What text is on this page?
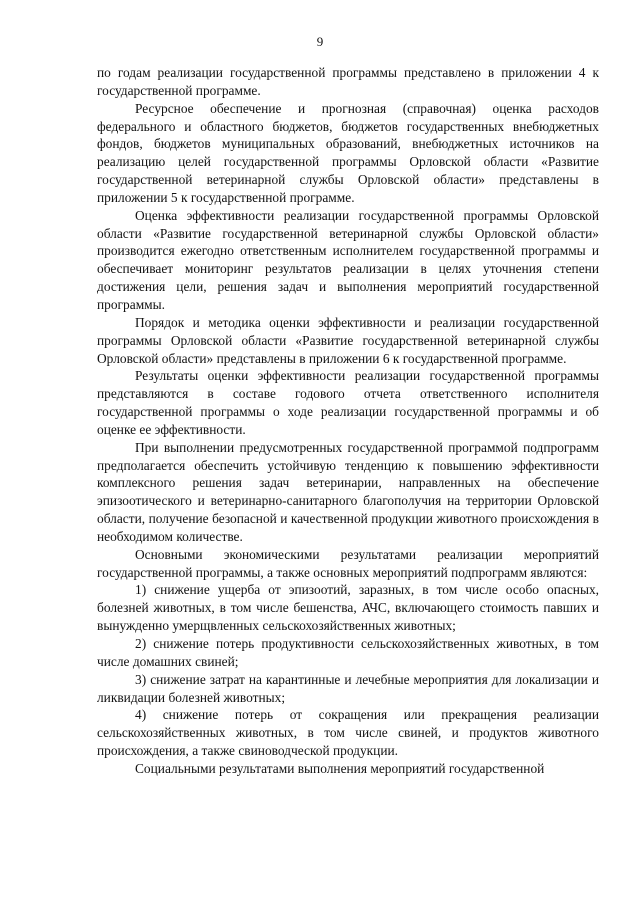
9

по годам реализации государственной программы представлено в приложении 4 к государственной программе.

Ресурсное обеспечение и прогнозная (справочная) оценка расходов федерального и областного бюджетов, бюджетов государственных внебюджетных фондов, бюджетов муниципальных образований, внебюджетных источников на реализацию целей государственной программы Орловской области «Развитие государственной ветеринарной службы Орловской области» представлены в приложении 5 к государственной программе.

Оценка эффективности реализации государственной программы Орловской области «Развитие государственной ветеринарной службы Орловской области» производится ежегодно ответственным исполнителем государственной программы и обеспечивает мониторинг результатов реализации в целях уточнения степени достижения цели, решения задач и выполнения мероприятий государственной программы.

Порядок и методика оценки эффективности и реализации государственной программы Орловской области «Развитие государственной ветеринарной службы Орловской области» представлены в приложении 6 к государственной программе.

Результаты оценки эффективности реализации государственной программы представляются в составе годового отчета ответственного исполнителя государственной программы о ходе реализации государственной программы и об оценке ее эффективности.

При выполнении предусмотренных государственной программой подпрограмм предполагается обеспечить устойчивую тенденцию к повышению эффективности комплексного решения задач ветеринарии, направленных на обеспечение эпизоотического и ветеринарно-санитарного благополучия на территории Орловской области, получение безопасной и качественной продукции животного происхождения в необходимом количестве.

Основными экономическими результатами реализации мероприятий государственной программы, а также основных мероприятий подпрограмм являются:

1) снижение ущерба от эпизоотий, заразных, в том числе особо опасных, болезней животных, в том числе бешенства, АЧС, включающего стоимость павших и вынужденно умерщвленных сельскохозяйственных животных;

2) снижение потерь продуктивности сельскохозяйственных животных, в том числе домашних свиней;

3) снижение затрат на карантинные и лечебные мероприятия для локализации и ликвидации болезней животных;

4) снижение потерь от сокращения или прекращения реализации сельскохозяйственных животных, в том числе свиней, и продуктов животного происхождения, а также свиноводческой продукции.

Социальными результатами выполнения мероприятий государственной
